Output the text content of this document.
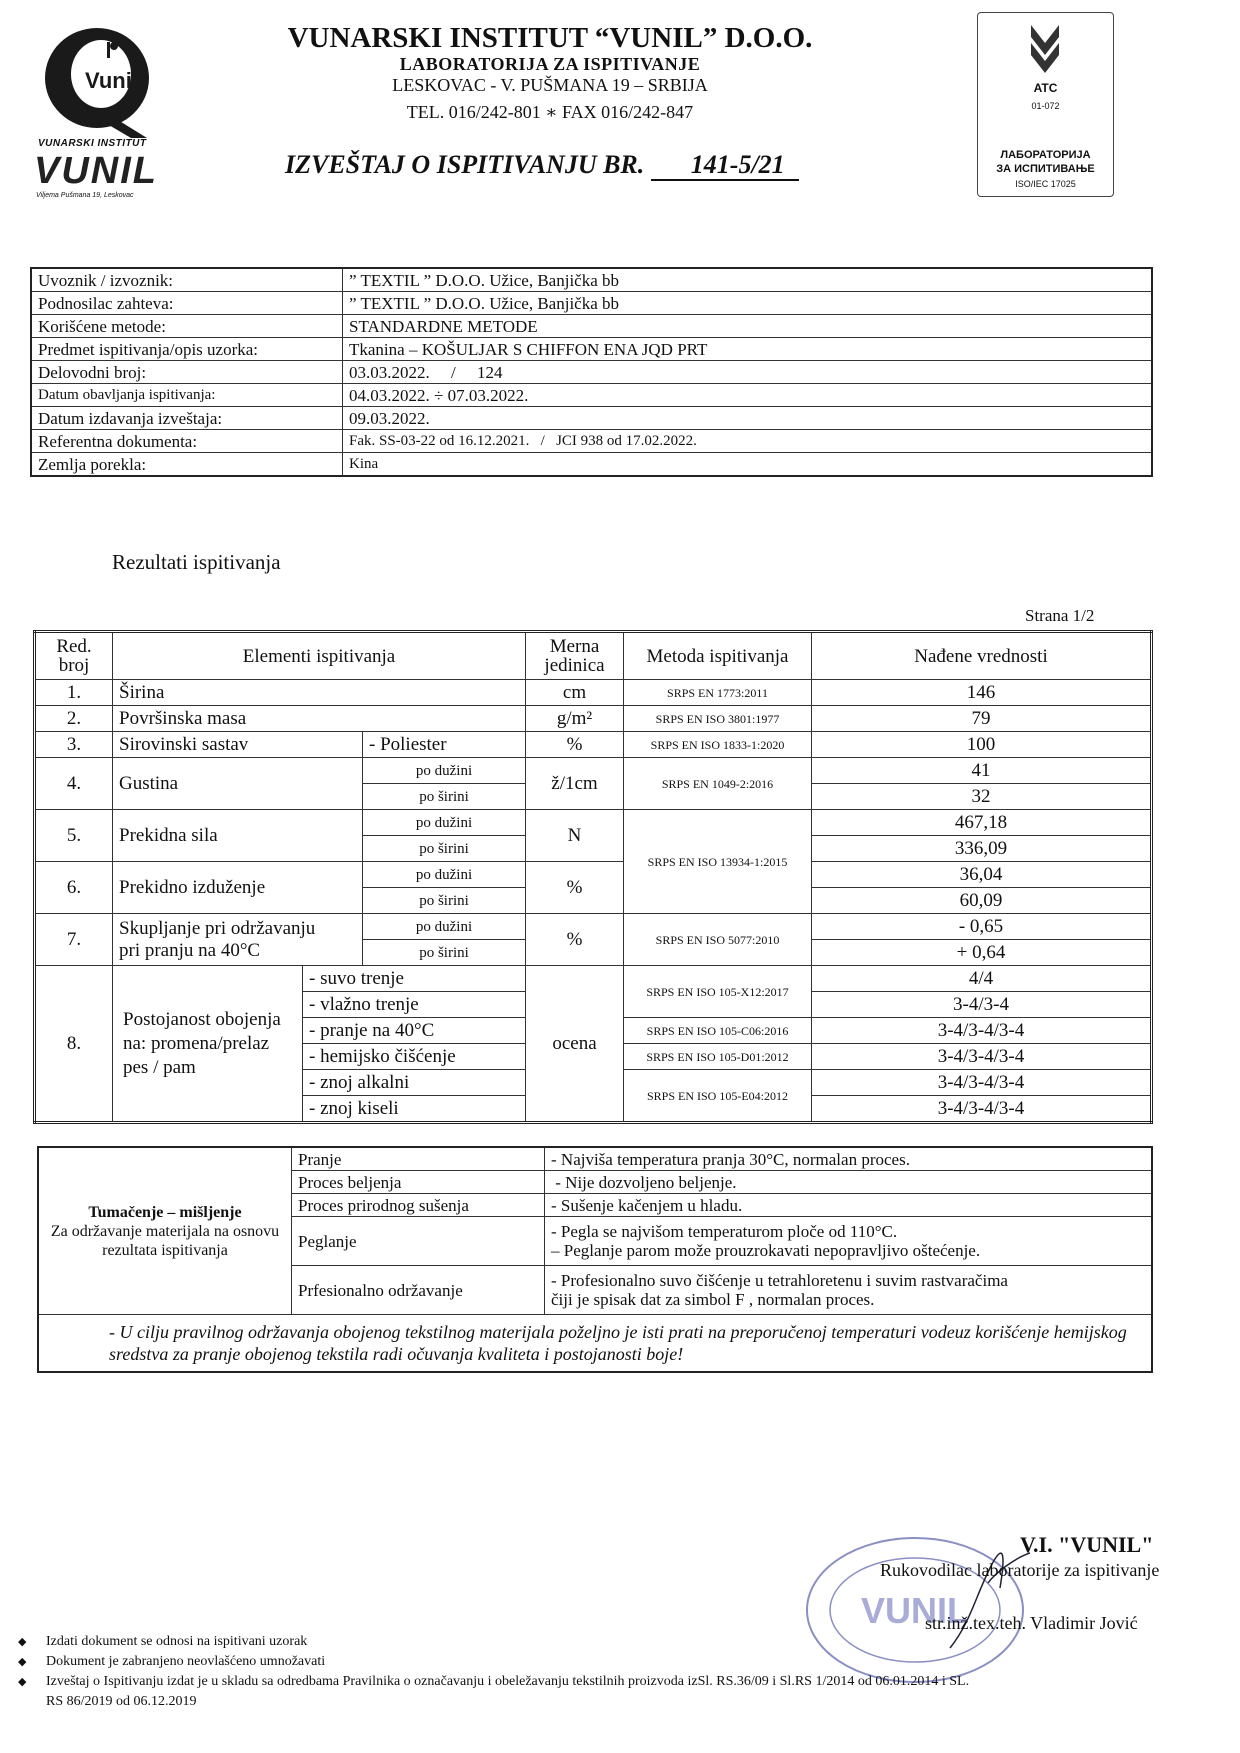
Vunil
VUNARSKI INSTITUT
VUNIL
Viljema Pušmana 19, Leskovac
VUNARSKI INSTITUT “VUNIL” D.O.O.
LABORATORIJA ZA ISPITIVANJE
LESKOVAC - V. PUŠMANA 19 – SRBIJA
TEL. 016/242-801 ∗ FAX 016/242-847
IZVEŠTAJ O ISPITIVANJU BR. 141-5/21
ATC
01-072
ЛАБОРАТОРИЈА
ЗА ИСПИТИВАЊЕ
ISO/IEC 17025
Uvoznik / izvoznik:	” TEXTIL ” D.O.O. Užice, Banjička bb
Podnosilac zahteva:	” TEXTIL ” D.O.O. Užice, Banjička bb
Korišćene metode:	STANDARDNE METODE
Predmet ispitivanja/opis uzorka:	Tkanina – KOŠULJAR S CHIFFON ENA JQD PRT
Delovodni broj:	03.03.2022.     /     124
Datum obavljanja ispitivanja:	04.03.2022. ÷ 07.03.2022.
Datum izdavanja izveštaja:	09.03.2022.
Referentna dokumenta:	Fak. SS-03-22 od 16.12.2021.   /   JCI 938 od 17.02.2022.
Zemlja porekla:	Kina
Rezultati ispitivanja
Strana 1/2
Red. broj	Elementi ispitivanja			Merna jedinica	Metoda ispitivanja	Nađene vrednosti
1.	Širina			cm	SRPS EN 1773:2011	146
2.	Površinska masa			g/m²	SRPS EN ISO 3801:1977	79
3.	Sirovinski sastav		- Poliester	%	SRPS EN ISO 1833-1:2020	100
4.	Gustina		po dužini	ž/1cm	SRPS EN 1049-2:2016	41
			po širini			32
5.	Prekidna sila		po dužini	N	SRPS EN ISO 13934-1:2015	467,18
			po širini			336,09
6.	Prekidno izduženje		po dužini	%		36,04
			po širini			60,09
7.	Skupljanje pri održavanju
pri pranju na 40°C		po dužini	%	SRPS EN ISO 5077:2010	- 0,65
			po širini			+ 0,64
8.	Postojanost obojenja na: promena/prelaz pes / pam	- suvo trenje		ocena	SRPS EN ISO 105-X12:2017	4/4
		- vlažno trenje				3-4/3-4
		- pranje na 40°C			SRPS EN ISO 105-C06:2016	3-4/3-4/3-4
		- hemijsko čišćenje			SRPS EN ISO 105-D01:2012	3-4/3-4/3-4
		- znoj alkalni			SRPS EN ISO 105-E04:2012	3-4/3-4/3-4
		- znoj kiseli				3-4/3-4/3-4
Tumačenje – mišljenje
Za održavanje materijala na osnovu rezultata ispitivanja	Pranje	- Najviša temperatura pranja 30°C, normalan proces.
	Proces beljenja	- Nije dozvoljeno beljenje.
	Proces prirodnog sušenja	- Sušenje kačenjem u hladu.
	Peglanje	- Pegla se najvišom temperaturom ploče od 110°C.
– Peglanje parom može prouzrokavati nepopravljivo oštećenje.
	Prfesionalno održavanje	- Profesionalno suvo čišćenje u tetrahloretenu i suvim rastvaračima
čiji je spisak dat za simbol F , normalan proces.
- U cilju pravilnog održavanja obojenog tekstilnog materijala poželjno je isti prati na preporučenoj temperaturi vodeuz korišćenje hemijskog sredstva za pranje obojenog tekstila radi očuvanja kvaliteta i postojanosti boje!		
VUNIL
V.I. "VUNIL"
Rukovodilac laboratorije za ispitivanje
str.inž.tex.teh. Vladimir Jović
◆ Izdati dokument se odnosi na ispitivani uzorak
◆ Dokument je zabranjeno neovlašćeno umnožavati
◆ Izveštaj o Ispitivanju izdat je u skladu sa odredbama Pravilnika o označavanju i obeležavanju tekstilnih proizvoda izSl. RS.36/09 i Sl.RS 1/2014 od 06.01.2014 i SL.
RS 86/2019 od 06.12.2019
